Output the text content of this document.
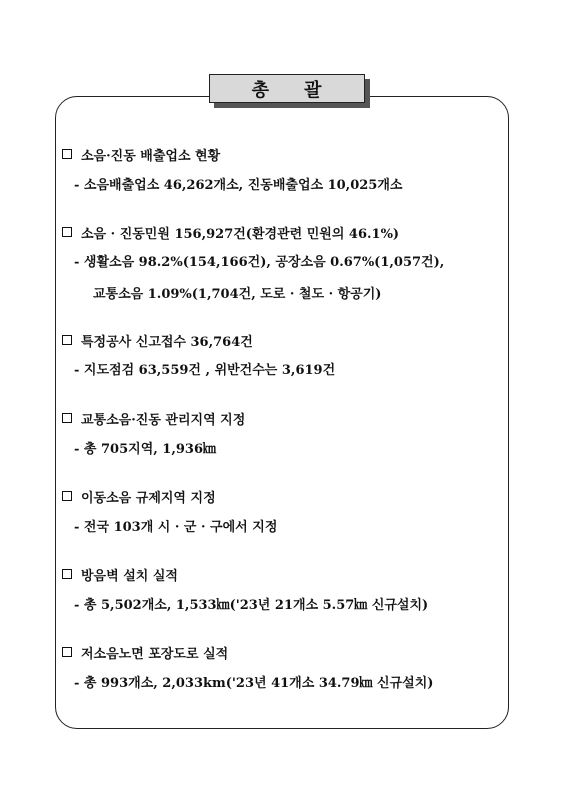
총 괄
소음·진동 배출업소 현황
- 소음배출업소 46,262개소, 진동배출업소 10,025개소
소음 · 진동민원 156,927건(환경관련 민원의 46.1%)
- 생활소음 98.2%(154,166건), 공장소음 0.67%(1,057건),
교통소음 1.09%(1,704건, 도로 · 철도 · 항공기)
특정공사 신고접수 36,764건
- 지도점검 63,559건 , 위반건수는 3,619건
교통소음·진동 관리지역 지정
- 총 705지역, 1,936㎞
이동소음 규제지역 지정
- 전국 103개 시 · 군 · 구에서 지정
방음벽 설치 실적
- 총 5,502개소, 1,533㎞('23년 21개소 5.57㎞ 신규설치)
저소음노면 포장도로 실적
- 총 993개소, 2,033km('23년 41개소 34.79㎞ 신규설치)
